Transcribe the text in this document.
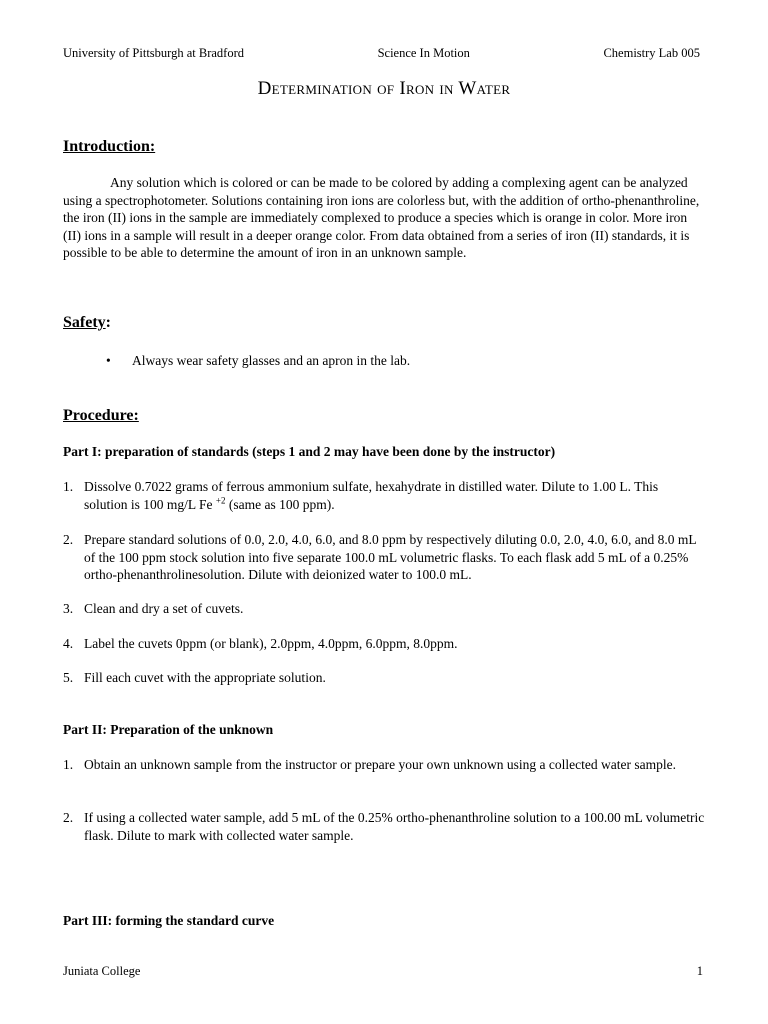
University of Pittsburgh at Bradford	Science In Motion	Chemistry Lab 005
Determination of Iron in Water
Introduction:
Any solution which is colored or can be made to be colored by adding a complexing agent can be analyzed using a spectrophotometer. Solutions containing iron ions are colorless but, with the addition of ortho-phenanthroline, the iron (II) ions in the sample are immediately complexed to produce a species which is orange in color. More iron (II) ions in a sample will result in a deeper orange color. From data obtained from a series of iron (II) standards, it is possible to be able to determine the amount of iron in an unknown sample.
Safety:
• Always wear safety glasses and an apron in the lab.
Procedure:
Part I: preparation of standards (steps 1 and 2 may have been done by the instructor)
1. Dissolve 0.7022 grams of ferrous ammonium sulfate, hexahydrate in distilled water. Dilute to 1.00 L. This solution is 100 mg/L Fe $^{+2}$ (same as 100 ppm).
2. Prepare standard solutions of 0.0, 2.0, 4.0, 6.0, and 8.0 ppm by respectively diluting 0.0, 2.0, 4.0, 6.0, and 8.0 mL of the 100 ppm stock solution into five separate 100.0 mL volumetric flasks. To each flask add 5 mL of a 0.25% ortho-phenanthrolinesolution. Dilute with deionized water to 100.0 mL.
3. Clean and dry a set of cuvets.
4. Label the cuvets 0ppm (or blank), 2.0ppm, 4.0ppm, 6.0ppm, 8.0ppm.
5. Fill each cuvet with the appropriate solution.
Part II: Preparation of the unknown
1. Obtain an unknown sample from the instructor or prepare your own unknown using a collected water sample.
2. If using a collected water sample, add 5 mL of the 0.25% ortho-phenanthroline solution to a 100.00 mL volumetric flask. Dilute to mark with collected water sample.
Part III: forming the standard curve
Juniata College	1
